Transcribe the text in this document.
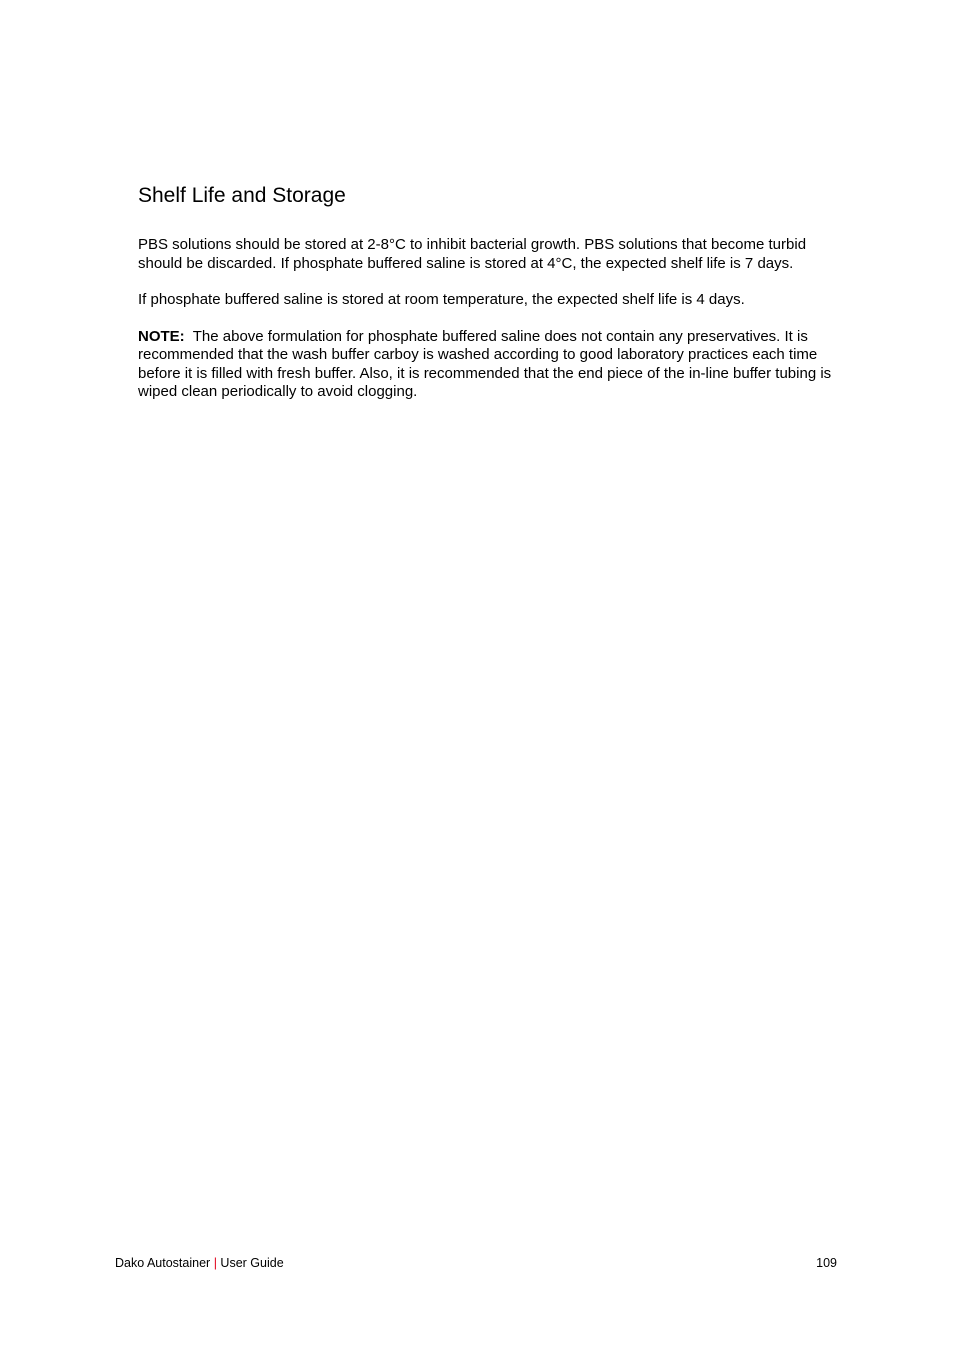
Shelf Life and Storage

PBS solutions should be stored at 2-8°C to inhibit bacterial growth. PBS solutions that become turbid should be discarded. If phosphate buffered saline is stored at 4°C, the expected shelf life is 7 days.

If phosphate buffered saline is stored at room temperature, the expected shelf life is 4 days.

NOTE: The above formulation for phosphate buffered saline does not contain any preservatives. It is recommended that the wash buffer carboy is washed according to good laboratory practices each time before it is filled with fresh buffer. Also, it is recommended that the end piece of the in-line buffer tubing is wiped clean periodically to avoid clogging.

Dako Autostainer | User Guide	109
